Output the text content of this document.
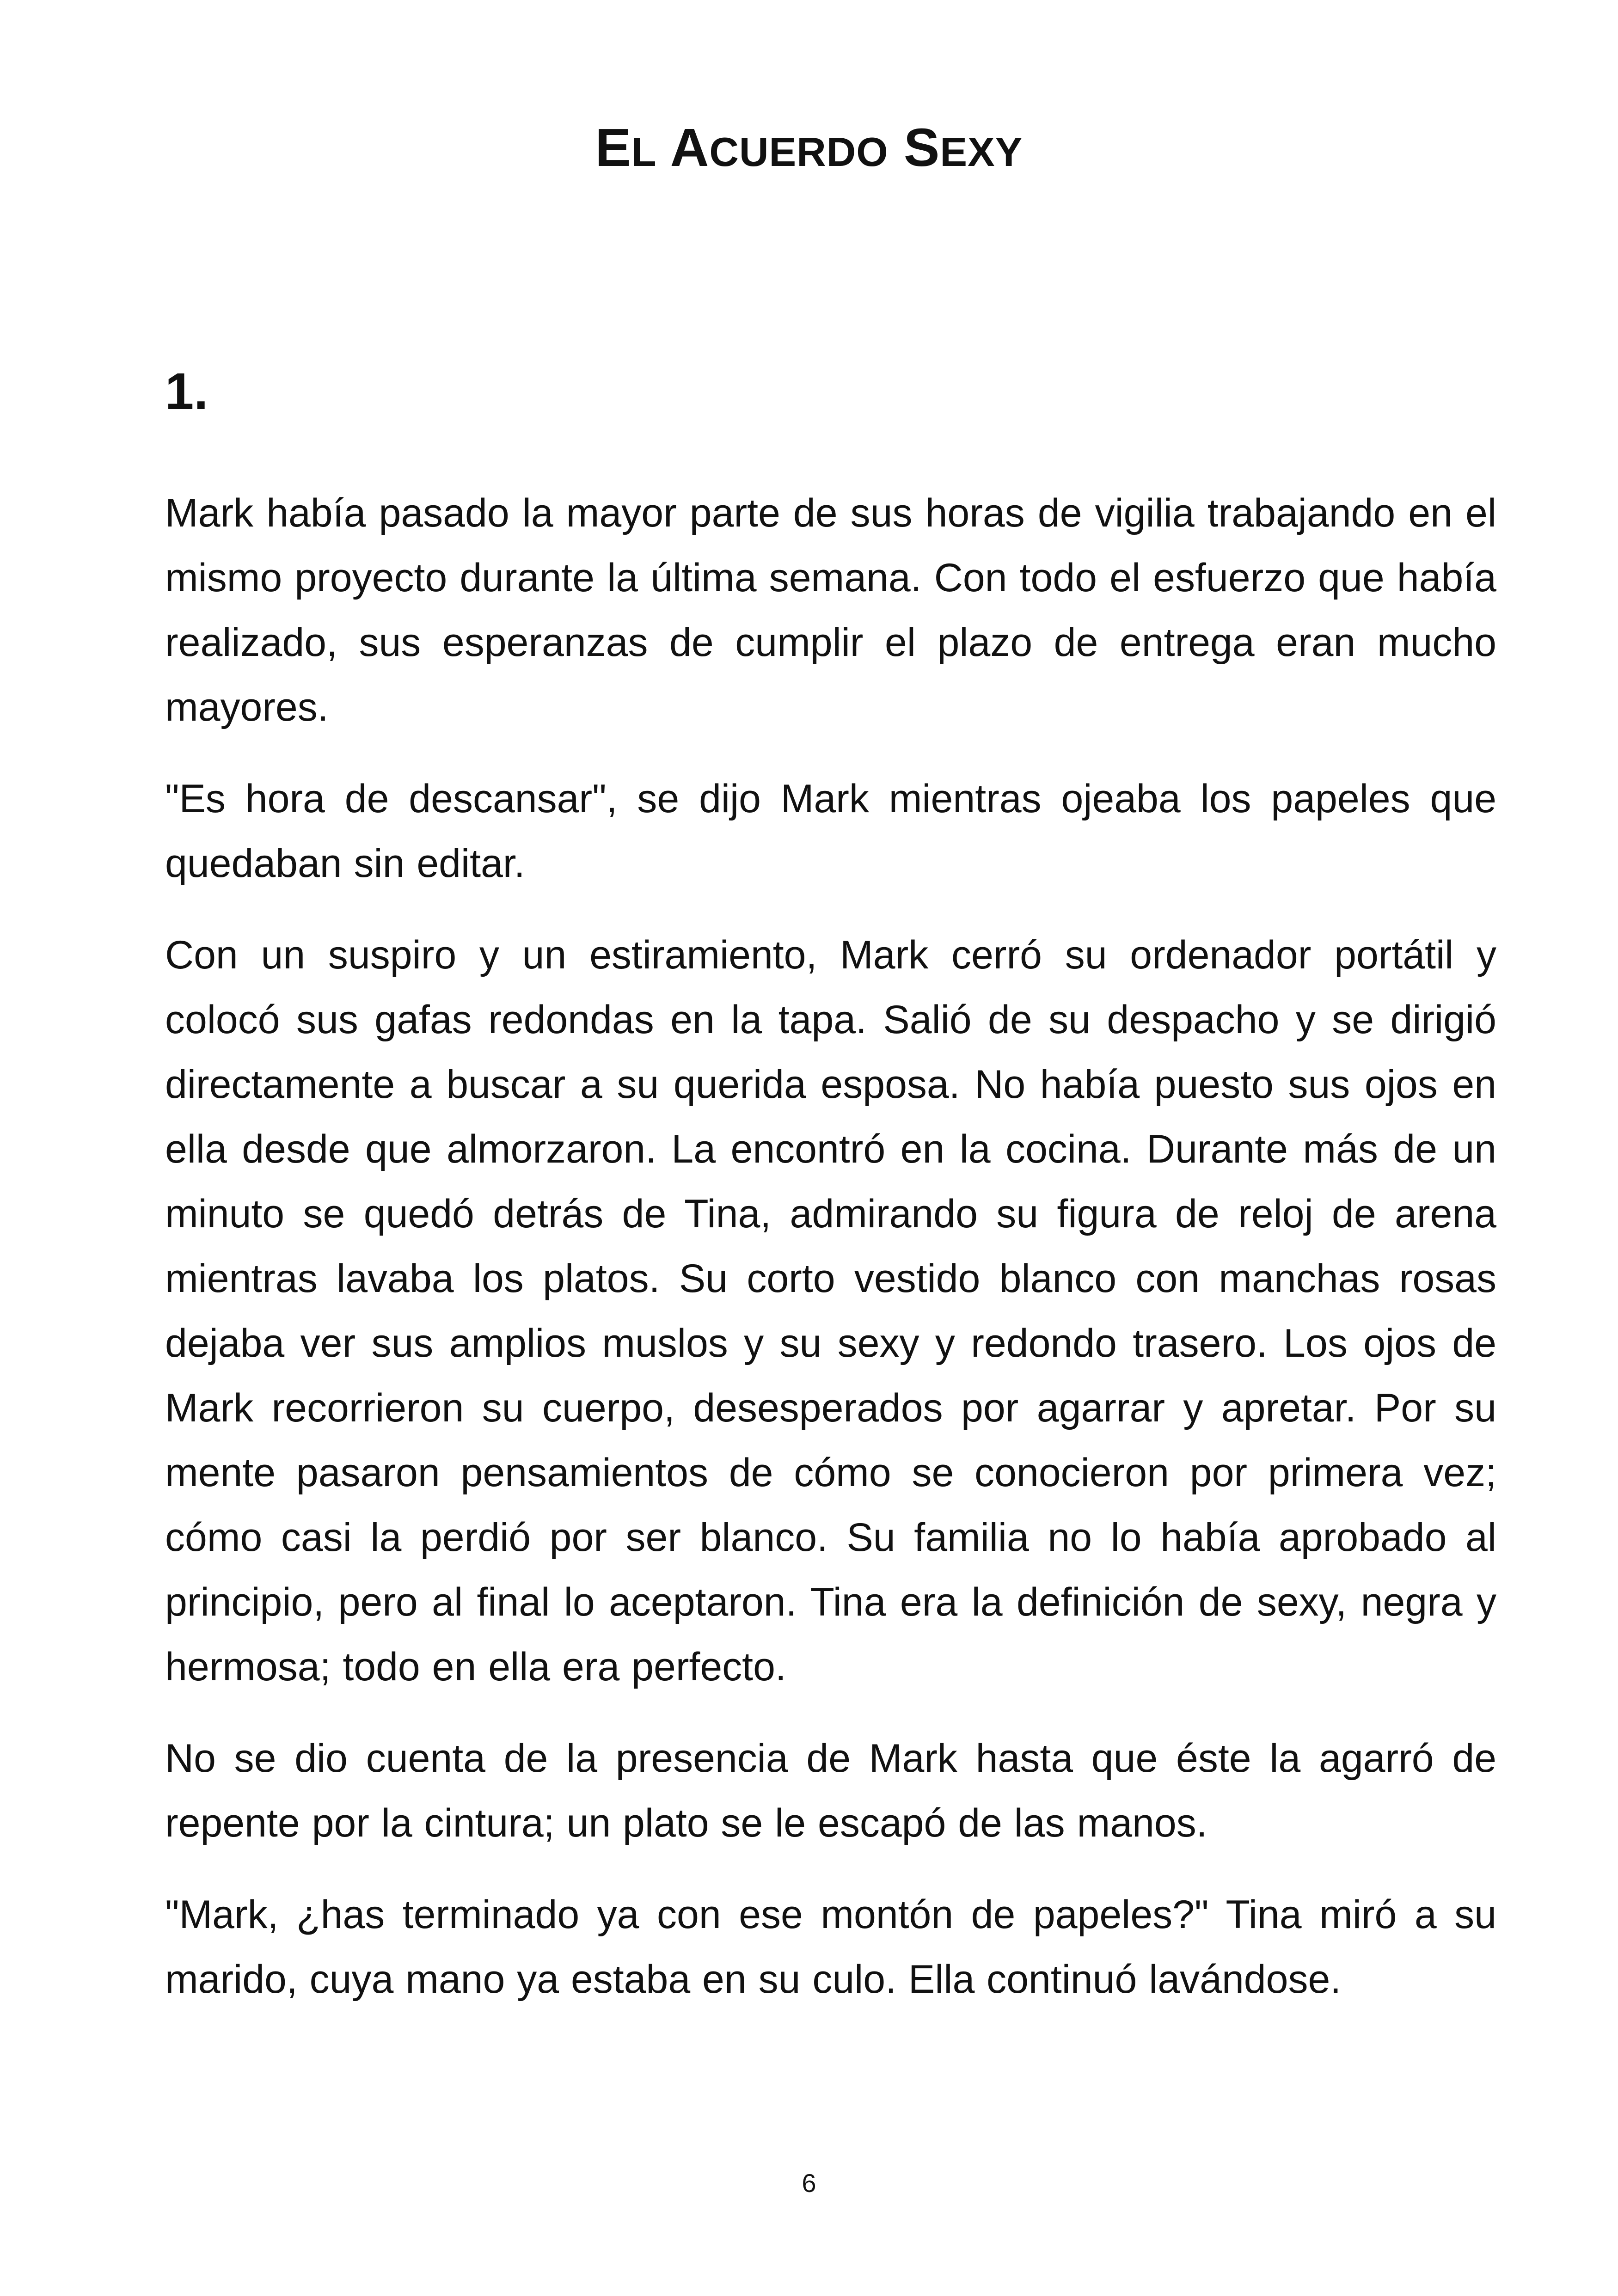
EL ACUERDO SEXY
1.

Mark había pasado la mayor parte de sus horas de vigilia trabajando en el mismo proyecto durante la última semana. Con todo el esfuerzo que había realizado, sus esperanzas de cumplir el plazo de entrega eran mucho mayores.

"Es hora de descansar", se dijo Mark mientras ojeaba los papeles que quedaban sin editar.

Con un suspiro y un estiramiento, Mark cerró su ordenador portátil y colocó sus gafas redondas en la tapa. Salió de su despacho y se dirigió directamente a buscar a su querida esposa. No había puesto sus ojos en ella desde que almorzaron. La encontró en la cocina. Durante más de un minuto se quedó detrás de Tina, admirando su figura de reloj de arena mientras lavaba los platos. Su corto vestido blanco con manchas rosas dejaba ver sus amplios muslos y su sexy y redondo trasero. Los ojos de Mark recorrieron su cuerpo, desesperados por agarrar y apretar. Por su mente pasaron pensamientos de cómo se conocieron por primera vez; cómo casi la perdió por ser blanco. Su familia no lo había aprobado al principio, pero al final lo aceptaron. Tina era la definición de sexy, negra y hermosa; todo en ella era perfecto.

No se dio cuenta de la presencia de Mark hasta que éste la agarró de repente por la cintura; un plato se le escapó de las manos.

"Mark, ¿has terminado ya con ese montón de papeles?" Tina miró a su marido, cuya mano ya estaba en su culo. Ella continuó lavándose.

6
